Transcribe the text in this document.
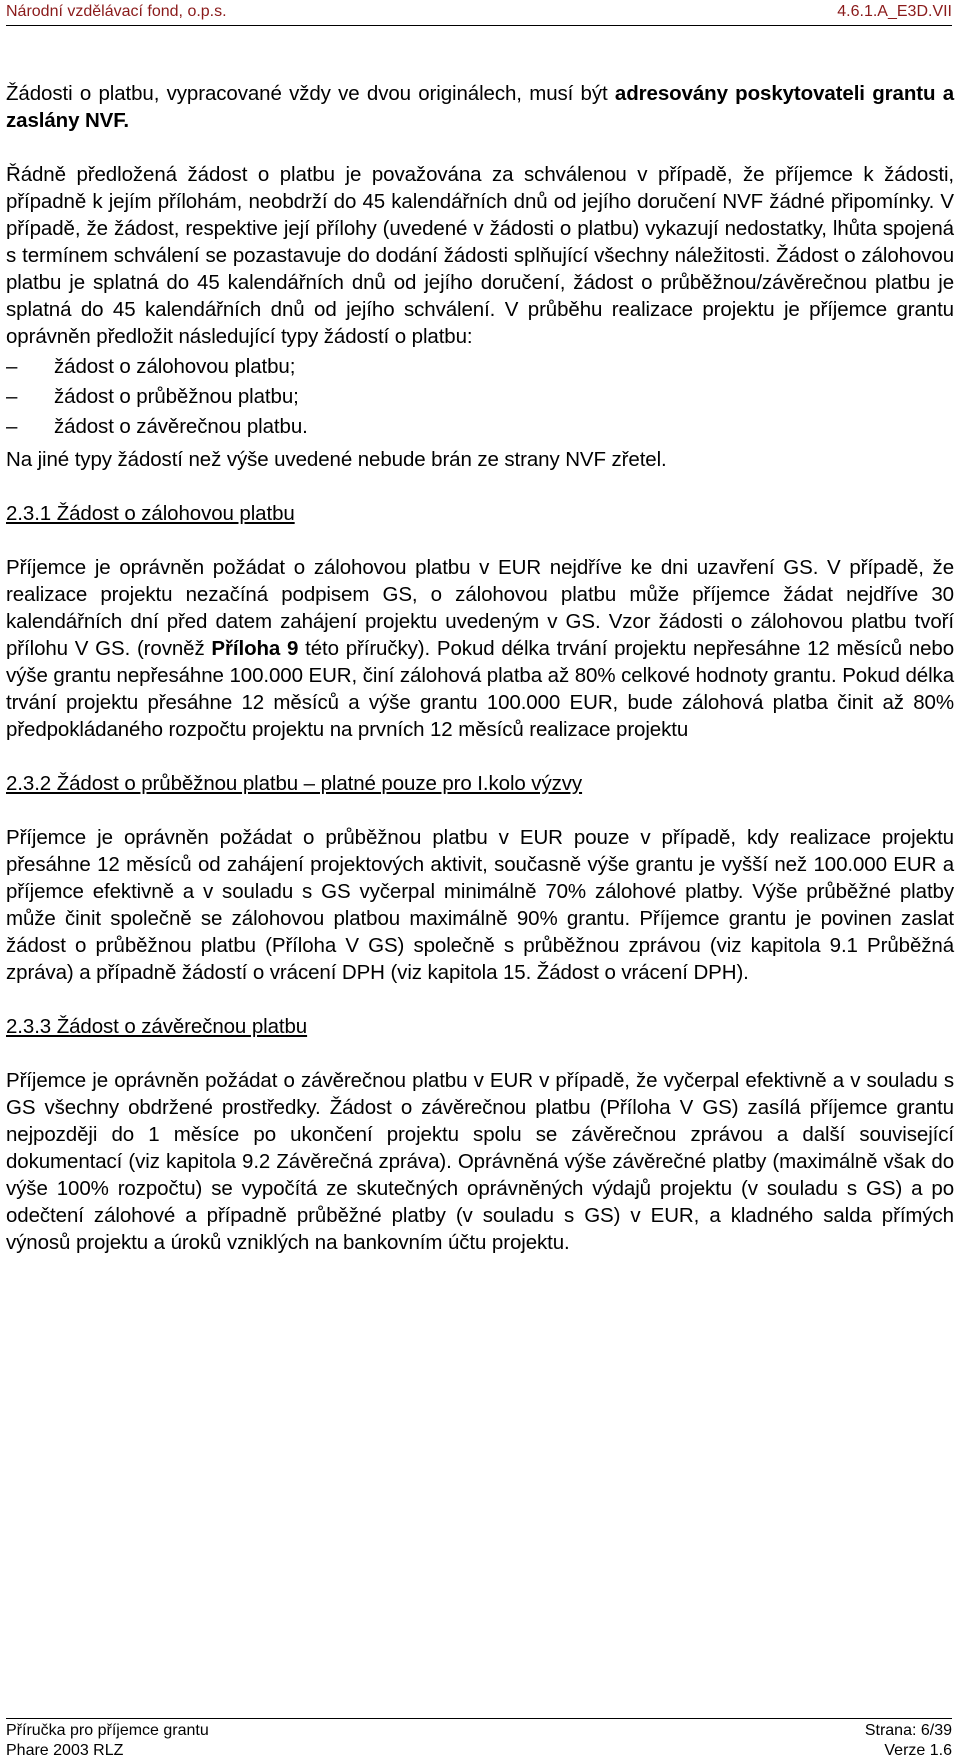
Národní vzdělávací fond, o.p.s.	4.6.1.A_E3D.VII

Žádosti o platbu, vypracované vždy ve dvou originálech, musí být adresovány poskytovateli grantu a zaslány NVF.

Řádně předložená žádost o platbu je považována za schválenou v případě, že příjemce k žádosti, případně k jejím přílohám, neobdrží do 45 kalendářních dnů od jejího doručení NVF žádné připomínky. V případě, že žádost, respektive její přílohy (uvedené v žádosti o platbu) vykazují nedostatky, lhůta spojená s termínem schválení se pozastavuje do dodání žádosti splňující všechny náležitosti. Žádost o zálohovou platbu je splatná do 45 kalendářních dnů od jejího doručení, žádost o průběžnou/závěrečnou platbu je splatná do 45 kalendářních dnů od jejího schválení. V průběhu realizace projektu je příjemce grantu oprávněn předložit následující typy žádostí o platbu:

–	žádost o zálohovou platbu;
–	žádost o průběžnou platbu;
–	žádost o závěrečnou platbu.

Na jiné typy žádostí než výše uvedené nebude brán ze strany NVF zřetel.

2.3.1 Žádost o zálohovou platbu

Příjemce je oprávněn požádat o zálohovou platbu v EUR nejdříve ke dni uzavření GS. V případě, že realizace projektu nezačíná podpisem GS, o zálohovou platbu může příjemce žádat nejdříve 30 kalendářních dní před datem zahájení projektu uvedeným v GS. Vzor žádosti o zálohovou platbu tvoří přílohu V GS. (rovněž Příloha 9 této příručky). Pokud délka trvání projektu nepřesáhne 12 měsíců nebo výše grantu nepřesáhne 100.000 EUR, činí zálohová platba až 80% celkové hodnoty grantu. Pokud délka trvání projektu přesáhne 12 měsíců a výše grantu 100.000 EUR, bude zálohová platba činit až 80% předpokládaného rozpočtu projektu na prvních 12 měsíců realizace projektu

2.3.2 Žádost o průběžnou platbu – platné pouze pro I.kolo výzvy

Příjemce je oprávněn požádat o průběžnou platbu v EUR pouze v případě, kdy realizace projektu přesáhne 12 měsíců od zahájení projektových aktivit, současně výše grantu je vyšší než 100.000 EUR a příjemce efektivně a v souladu s GS vyčerpal minimálně 70% zálohové platby. Výše průběžné platby může činit společně se zálohovou platbou maximálně 90% grantu. Příjemce grantu je povinen zaslat žádost o průběžnou platbu (Příloha V GS) společně s průběžnou zprávou (viz kapitola 9.1 Průběžná zpráva) a případně žádostí o vrácení DPH (viz kapitola 15. Žádost o vrácení DPH).

2.3.3 Žádost o závěrečnou platbu

Příjemce je oprávněn požádat o závěrečnou platbu v EUR v případě, že vyčerpal efektivně a v souladu s GS všechny obdržené prostředky. Žádost o závěrečnou platbu (Příloha V GS) zasílá příjemce grantu nejpozději do 1 měsíce po ukončení projektu spolu se závěrečnou zprávou a další související dokumentací (viz kapitola 9.2 Závěrečná zpráva). Oprávněná výše závěrečné platby (maximálně však do výše 100% rozpočtu) se vypočítá ze skutečných oprávněných výdajů projektu (v souladu s GS) a po odečtení zálohové a případně průběžné platby (v souladu s GS) v EUR, a kladného salda přímých výnosů projektu a úroků vzniklých na bankovním účtu projektu.

Příručka pro příjemce grantu	Strana: 6/39
Phare 2003 RLZ	Verze 1.6
